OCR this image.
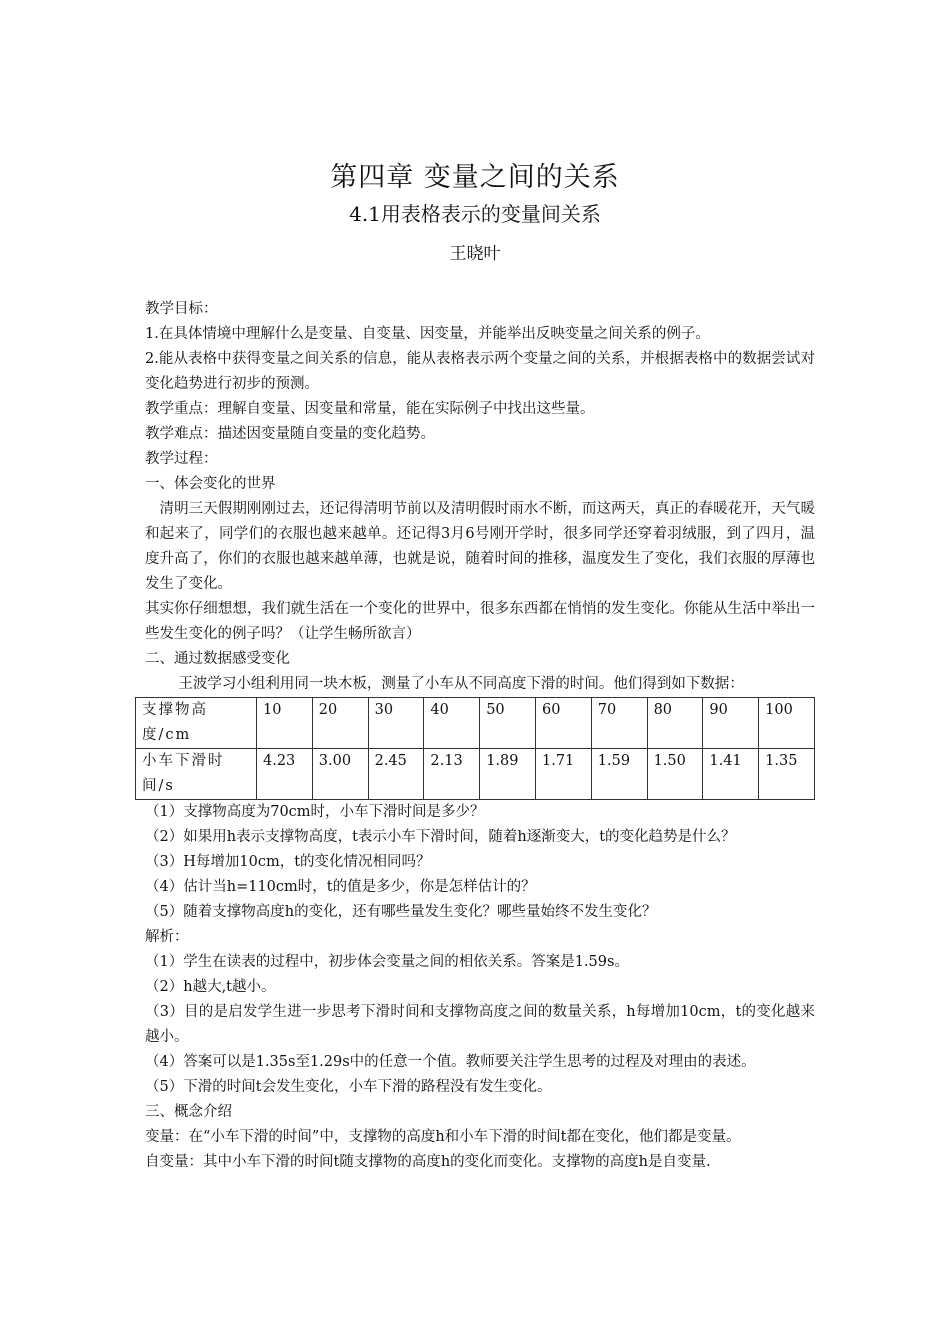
第四章 变量之间的关系
4.1用表格表示的变量间关系
王晓叶

教学目标：

1.在具体情境中理解什么是变量、自变量、因变量，并能举出反映变量之间关系的例子。

2.能从表格中获得变量之间关系的信息，能从表格表示两个变量之间的关系，并根据表格中的数据尝试对变化趋势进行初步的预测。

教学重点：理解自变量、因变量和常量，能在实际例子中找出这些量。

教学难点：描述因变量随自变量的变化趋势。

教学过程：

一、体会变化的世界

清明三天假期刚刚过去，还记得清明节前以及清明假时雨水不断，而这两天，真正的春暖花开，天气暖和起来了，同学们的衣服也越来越单。还记得3月6号刚开学时，很多同学还穿着羽绒服，到了四月，温度升高了，你们的衣服也越来越单薄，也就是说，随着时间的推移，温度发生了变化，我们衣服的厚薄也发生了变化。

其实你仔细想想，我们就生活在一个变化的世界中，很多东西都在悄悄的发生变化。你能从生活中举出一些发生变化的例子吗？（让学生畅所欲言）

二、通过数据感受变化

王波学习小组利用同一块木板，测量了小车从不同高度下滑的时间。他们得到如下数据：

支撑物高度/cm	10	20	30	40	50	60	70	80	90	100
小车下滑时间/s	4.23	3.00	2.45	2.13	1.89	1.71	1.59	1.50	1.41	1.35

（1）支撑物高度为70cm时，小车下滑时间是多少？

（2）如果用h表示支撑物高度，t表示小车下滑时间，随着h逐渐变大，t的变化趋势是什么？

（3）H每增加10cm，t的变化情况相同吗？

（4）估计当h=110cm时，t的值是多少，你是怎样估计的？

（5）随着支撑物高度h的变化，还有哪些量发生变化？哪些量始终不发生变化？

解析：

（1）学生在读表的过程中，初步体会变量之间的相依关系。答案是1.59s。

（2）h越大,t越小。

（3）目的是启发学生进一步思考下滑时间和支撑物高度之间的数量关系，h每增加10cm，t的变化越来越小。

（4）答案可以是1.35s至1.29s中的任意一个值。教师要关注学生思考的过程及对理由的表述。

（5）下滑的时间t会发生变化，小车下滑的路程没有发生变化。

三、概念介绍

变量：在“小车下滑的时间”中，支撑物的高度h和小车下滑的时间t都在变化，他们都是变量。

自变量：其中小车下滑的时间t随支撑物的高度h的变化而变化。支撑物的高度h是自变量.
